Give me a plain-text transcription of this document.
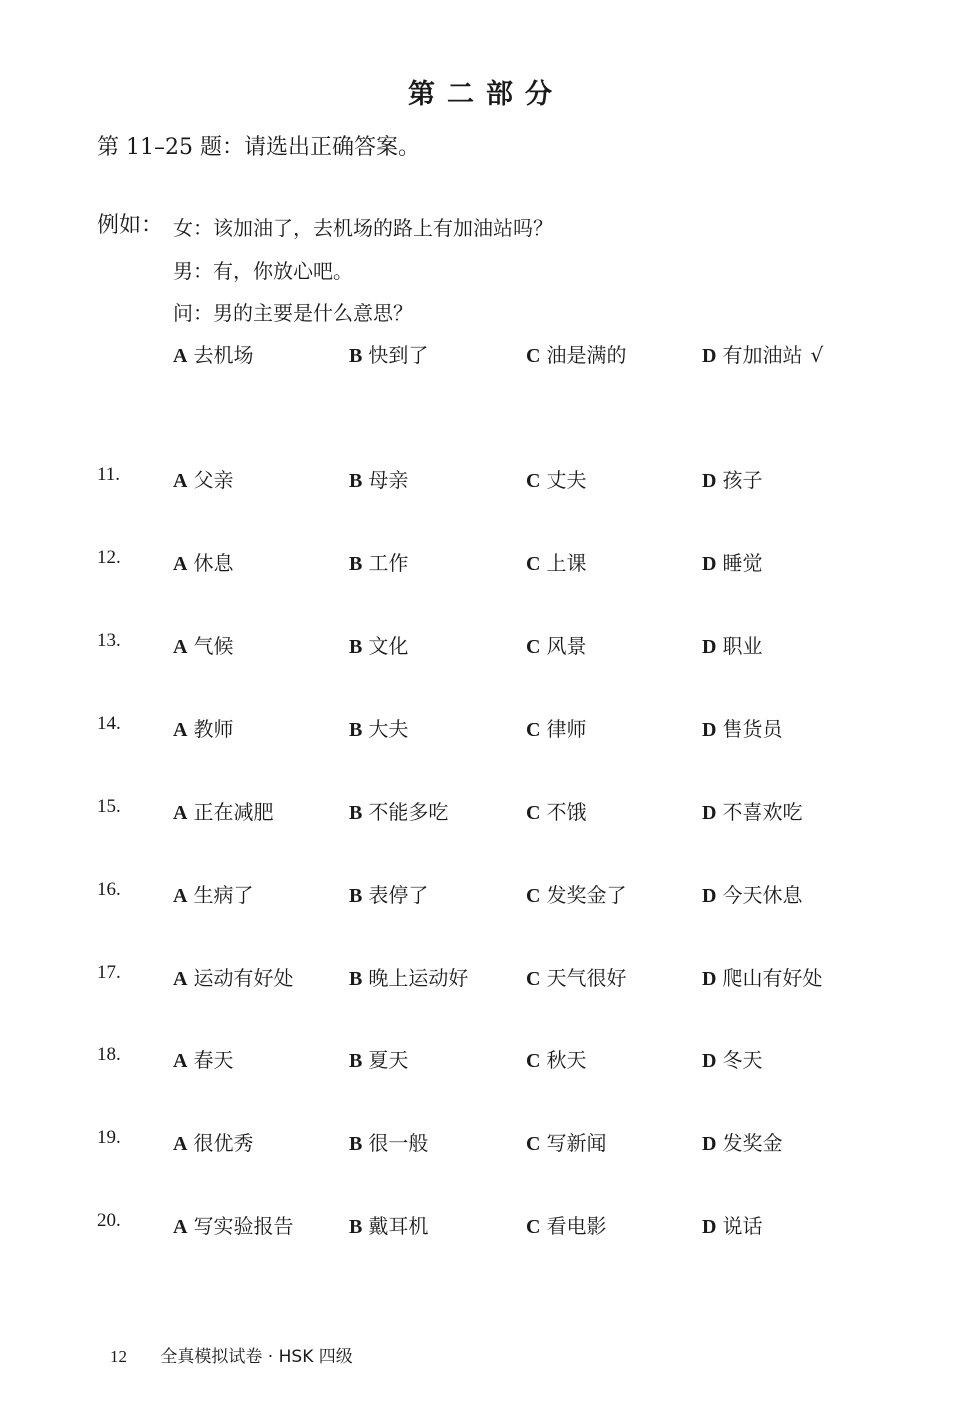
第二部分
第 11–25 题：请选出正确答案。
例如： 女：该加油了，去机场的路上有加油站吗？
男：有，你放心吧。
问：男的主要是什么意思？
A 去机场	B 快到了	C 油是满的	D 有加油站 √
11.	A 父亲	B 母亲	C 丈夫	D 孩子
12.	A 休息	B 工作	C 上课	D 睡觉
13.	A 气候	B 文化	C 风景	D 职业
14.	A 教师	B 大夫	C 律师	D 售货员
15.	A 正在减肥	B 不能多吃	C 不饿	D 不喜欢吃
16.	A 生病了	B 表停了	C 发奖金了	D 今天休息
17.	A 运动有好处	B 晚上运动好	C 天气很好	D 爬山有好处
18.	A 春天	B 夏天	C 秋天	D 冬天
19.	A 很优秀	B 很一般	C 写新闻	D 发奖金
20.	A 写实验报告	B 戴耳机	C 看电影	D 说话
12 全真模拟试卷 · HSK 四级
